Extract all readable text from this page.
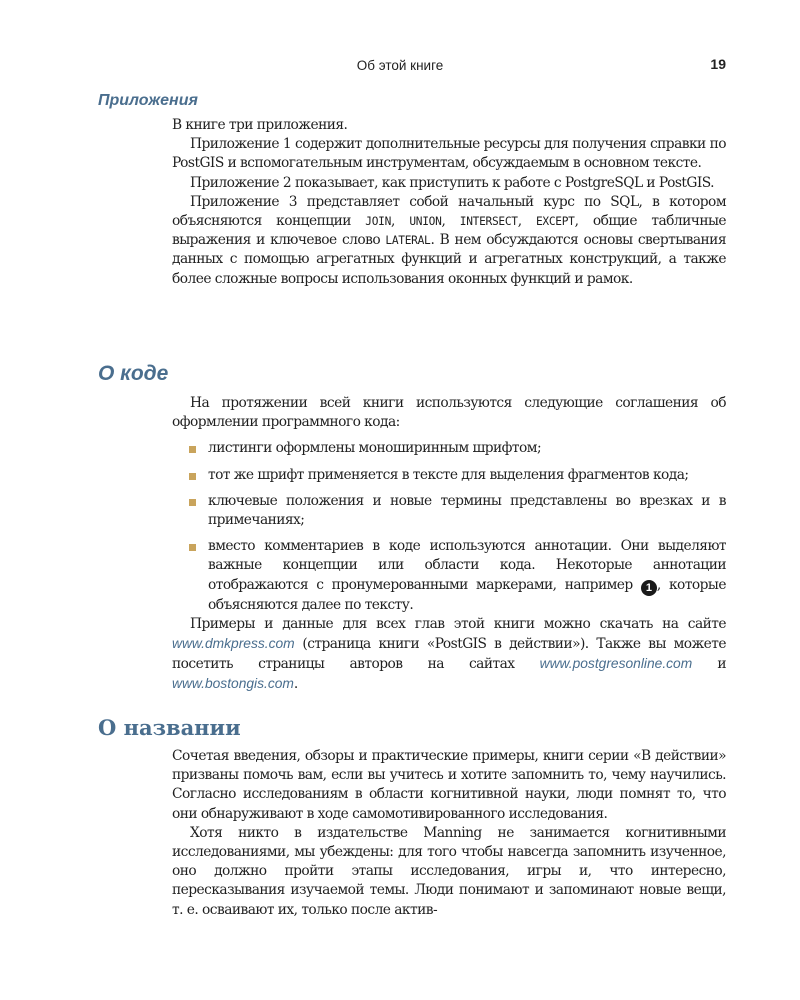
Об этой книге	19
Приложения

В книге три приложения.

Приложение 1 содержит дополнительные ресурсы для получения справки по PostGIS и вспомогательным инструментам, обсуждаемым в основном тексте.

Приложение 2 показывает, как приступить к работе с PostgreSQL и PostGIS.

Приложение 3 представляет собой начальный курс по SQL, в котором объясняются концепции JOIN, UNION, INTERSECT, EXCEPT, общие табличные выражения и ключевое слово LATERAL. В нем обсуждаются основы свертывания данных с помощью агрегатных функций и агрегатных конструкций, а также более сложные вопросы использования оконных функций и рамок.

О коде

На протяжении всей книги используются следующие соглашения об оформлении программного кода:

листинги оформлены моноширинным шрифтом;
тот же шрифт применяется в тексте для выделения фрагментов кода;
ключевые положения и новые термины представлены во врезках и в примечаниях;
вместо комментариев в коде используются аннотации. Они выделяют важные концепции или области кода. Некоторые аннотации отображаются с пронумерованными маркерами, например 1 , которые объясняются далее по тексту.

Примеры и данные для всех глав этой книги можно скачать на сайте www.dmkpress.com (страница книги «PostGIS в действии»). Также вы можете посетить страницы авторов на сайтах www.postgresonline.com и www.bostongis.com.

О названии

Сочетая введения, обзоры и практические примеры, книги серии «В действии» призваны помочь вам, если вы учитесь и хотите запомнить то, чему научились. Согласно исследованиям в области когнитивной науки, люди помнят то, что они обнаруживают в ходе самомотивированного исследования.

Хотя никто в издательстве Manning не занимается когнитивными исследованиями, мы убеждены: для того чтобы навсегда запомнить изученное, оно должно пройти этапы исследования, игры и, что интересно, пересказывания изучаемой темы. Люди понимают и запоминают новые вещи, т. е. осваивают их, только после актив-
